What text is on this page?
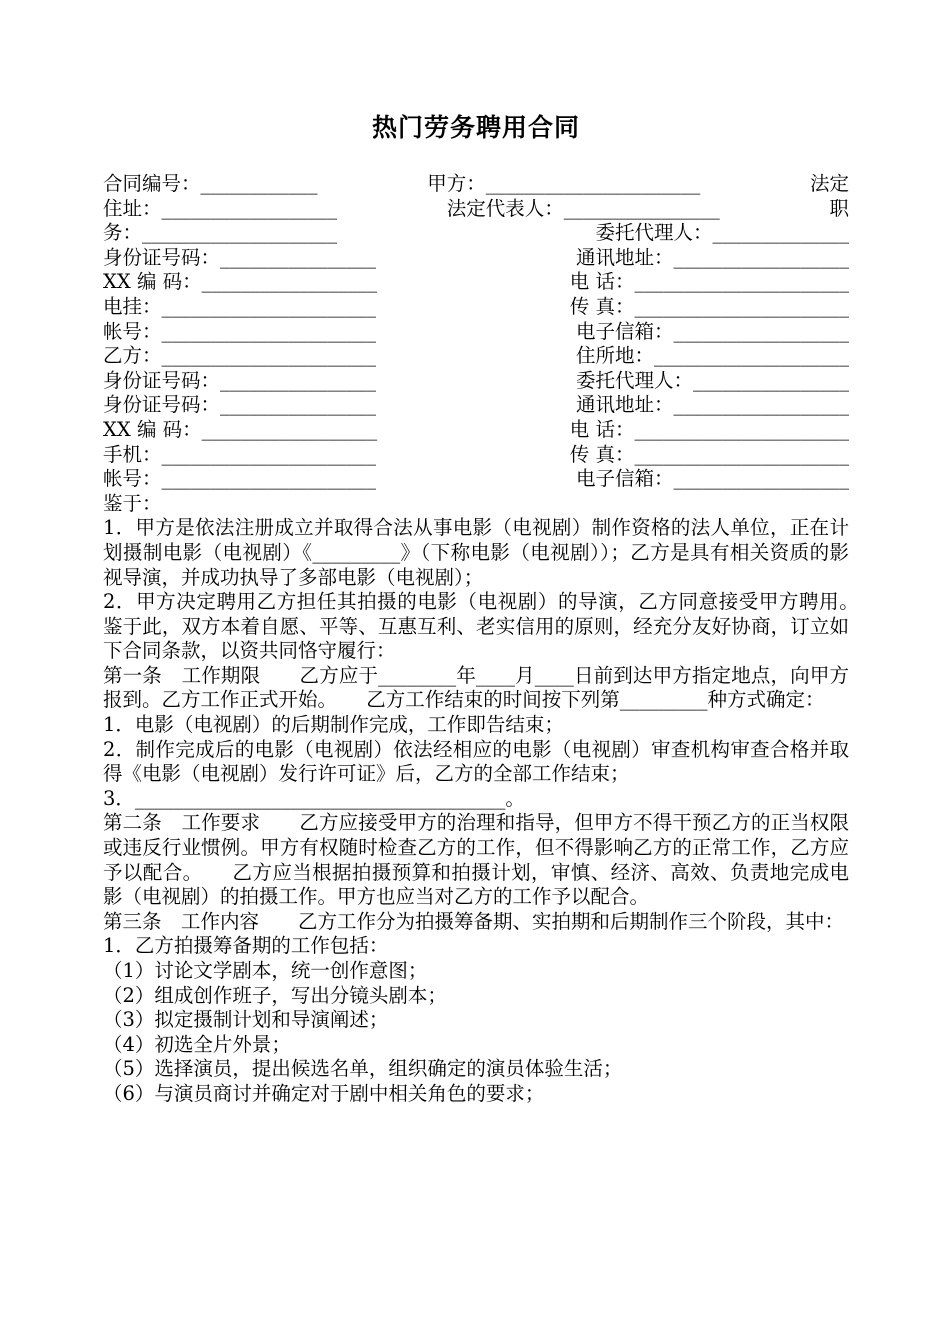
热门劳务聘用合同
合同编号：____________	甲方：______________________	法定
住址：__________________	法定代表人：________________	职
务：____________________	委托代理人：______________
身份证号码：________________	通讯地址：__________________
XX 编 码：__________________	电 话：______________________
电挂：______________________	传 真：______________________
帐号：______________________	电子信箱：__________________
乙方：______________________	住所地：____________________
身份证号码：________________	委托代理人：________________
身份证号码：________________	通讯地址：__________________
XX 编 码：__________________	电 话：______________________
手机：______________________	传 真：______________________
帐号：______________________	电子信箱：__________________
鉴于：
1．甲方是依法注册成立并取得合法从事电影（电视剧）制作资格的法人单位，正在计划摄制电影（电视剧）《_________》（下称电影（电视剧））；乙方是具有相关资质的影视导演，并成功执导了多部电影（电视剧）；
2．甲方决定聘用乙方担任其拍摄的电影（电视剧）的导演，乙方同意接受甲方聘用。　　鉴于此，双方本着自愿、平等、互惠互利、老实信用的原则，经充分友好协商，订立如下合同条款，以资共同恪守履行：
第一条　工作期限　　乙方应于________年____月____日前到达甲方指定地点，向甲方报到。乙方工作正式开始。　　乙方工作结束的时间按下列第_________种方式确定：
1．电影（电视剧）的后期制作完成，工作即告结束；
2．制作完成后的电影（电视剧）依法经相应的电影（电视剧）审查机构审查合格并取得《电影（电视剧）发行许可证》后，乙方的全部工作结束；
3．______________________________________。
第二条　工作要求　　乙方应接受甲方的治理和指导，但甲方不得干预乙方的正当权限或违反行业惯例。甲方有权随时检查乙方的工作，但不得影响乙方的正常工作，乙方应予以配合。　　乙方应当根据拍摄预算和拍摄计划，审慎、经济、高效、负责地完成电影（电视剧）的拍摄工作。甲方也应当对乙方的工作予以配合。
第三条　工作内容　　乙方工作分为拍摄筹备期、实拍期和后期制作三个阶段，其中：
1．乙方拍摄筹备期的工作包括：
（1）讨论文学剧本，统一创作意图；
（2）组成创作班子，写出分镜头剧本；
（3）拟定摄制计划和导演阐述；
（4）初选全片外景；
（5）选择演员，提出候选名单，组织确定的演员体验生活；
（6）与演员商讨并确定对于剧中相关角色的要求；
